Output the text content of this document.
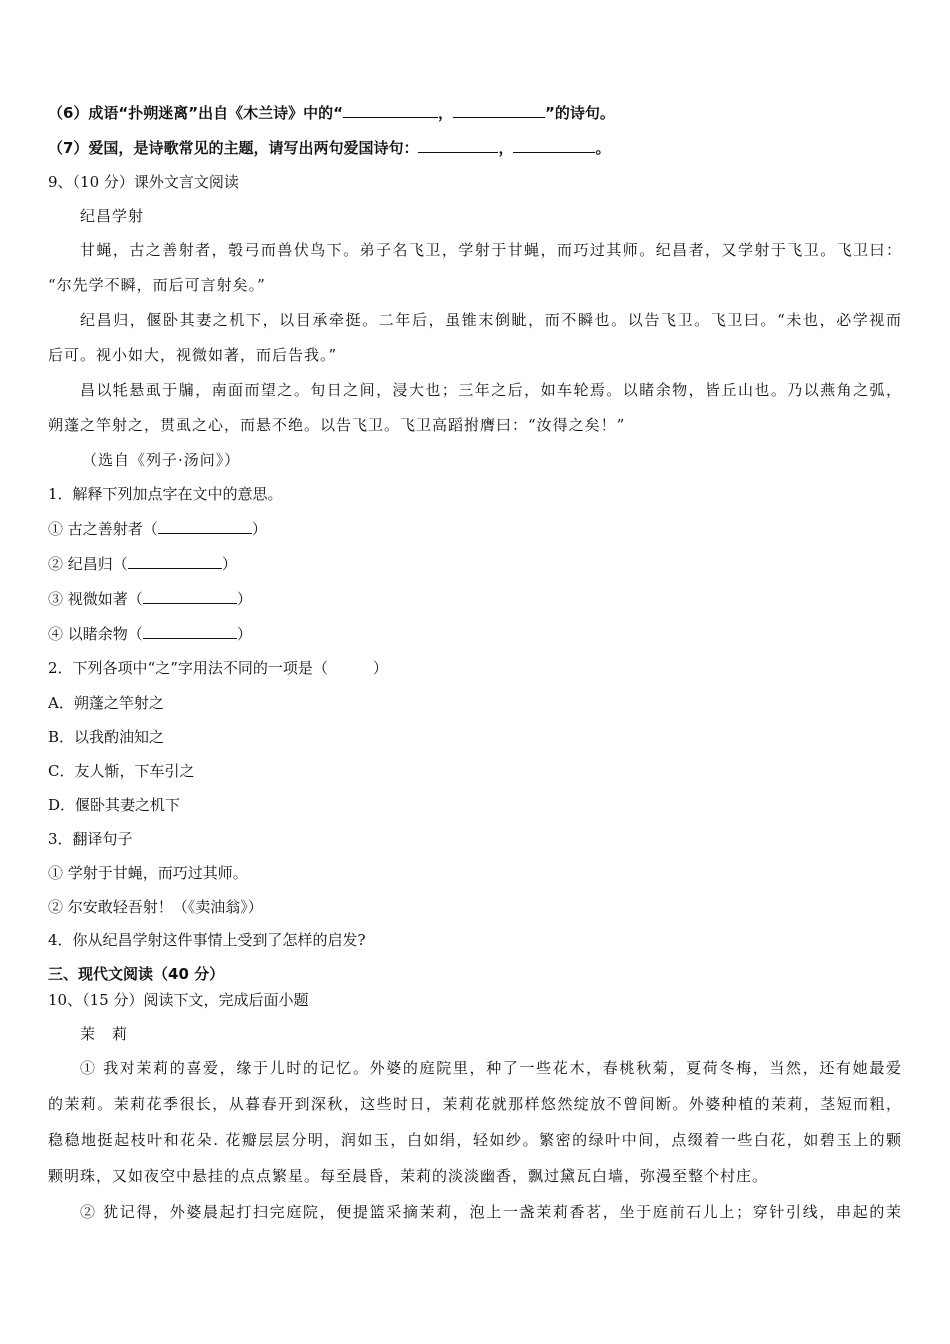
（6）成语“扑朔迷离”出自《木兰诗》中的“	，	”的诗句。
（7）爱国，是诗歌常见的主题，请写出两句爱国诗句：	，	。
9、（10 分）课外文言文阅读
纪昌学射
甘蝇，古之善射者，彀弓而兽伏鸟下。弟子名飞卫，学射于甘蝇，而巧过其师。纪昌者，又学射于飞卫。飞卫曰：
“尔先学不瞬，而后可言射矣。”
纪昌归，偃卧其妻之机下，以目承牵挺。二年后，虽锥末倒眦，而不瞬也。以告飞卫。飞卫曰。“未也，必学视而
后可。视小如大，视微如著，而后告我。”
昌以牦悬虱于牖，南面而望之。旬日之间，浸大也；三年之后，如车轮焉。以睹余物，皆丘山也。乃以燕角之弧，
朔蓬之竿射之，贯虱之心，而悬不绝。以告飞卫。飞卫高蹈拊膺曰：“汝得之矣！”
（选自《列子·汤问》）
1．解释下列加点字在文中的意思。
① 古之善射者（	）
② 纪昌归（	）
③ 视微如著（	）
④ 以睹余物（	）
2．下列各项中“之”字用法不同的一项是（　　　）
A．朔蓬之竿射之
B．以我酌油知之
C．友人惭，下车引之
D．偃卧其妻之机下
3．翻译句子
① 学射于甘蝇，而巧过其师。
② 尔安敢轻吾射！（《卖油翁》）
4．你从纪昌学射这件事情上受到了怎样的启发?
三、现代文阅读（40 分）
10、（15 分）阅读下文，完成后面小题
茉　莉
① 我对茉莉的喜爱，缘于儿时的记忆。外婆的庭院里，种了一些花木，春桃秋菊，夏荷冬梅，当然，还有她最爱
的茉莉。茉莉花季很长，从暮春开到深秋，这些时日，茉莉花就那样悠然绽放不曾间断。外婆种植的茉莉，茎短而粗，
稳稳地挺起枝叶和花朵. 花瓣层层分明，润如玉，白如绢，轻如纱。繁密的绿叶中间，点缀着一些白花，如碧玉上的颗
颗明珠，又如夜空中悬挂的点点繁星。每至晨昏，茉莉的淡淡幽香，飘过黛瓦白墙，弥漫至整个村庄。
② 犹记得，外婆晨起打扫完庭院，便提篮采摘茉莉，泡上一盏茉莉香茗，坐于庭前石儿上；穿针引线，串起的茉
